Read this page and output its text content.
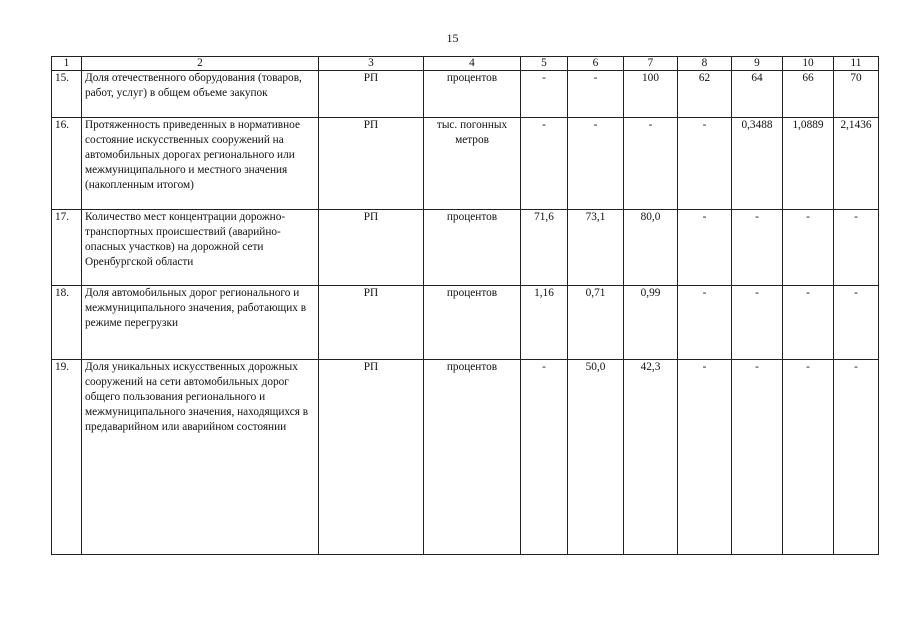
15
1	2	3	4	5	6	7	8	9	10	11
15.	Доля отечественного оборудования (товаров, работ, услуг) в общем объеме закупок	РП	процентов	-	-	100	62	64	66	70
16.	Протяженность приведенных в нормативное состояние искусственных сооружений на автомобильных дорогах регионального или межмуниципального и местного значения (накопленным итогом)	РП	тыс. погонных метров	-	-	-	-	0,3488	1,0889	2,1436
17.	Количество мест концентрации дорожно-транспортных происшествий (аварийно-опасных участков) на дорожной сети Оренбургской области	РП	процентов	71,6	73,1	80,0	-	-	-	-
18.	Доля автомобильных дорог регионального и межмуниципального значения, работающих в режиме перегрузки	РП	процентов	1,16	0,71	0,99	-	-	-	-
19.	Доля уникальных искусственных дорожных сооружений на сети автомобильных дорог общего пользования регионального и межмуниципального значения, находящихся в предаварийном или аварийном состоянии	РП	процентов	-	50,0	42,3	-	-	-	-
